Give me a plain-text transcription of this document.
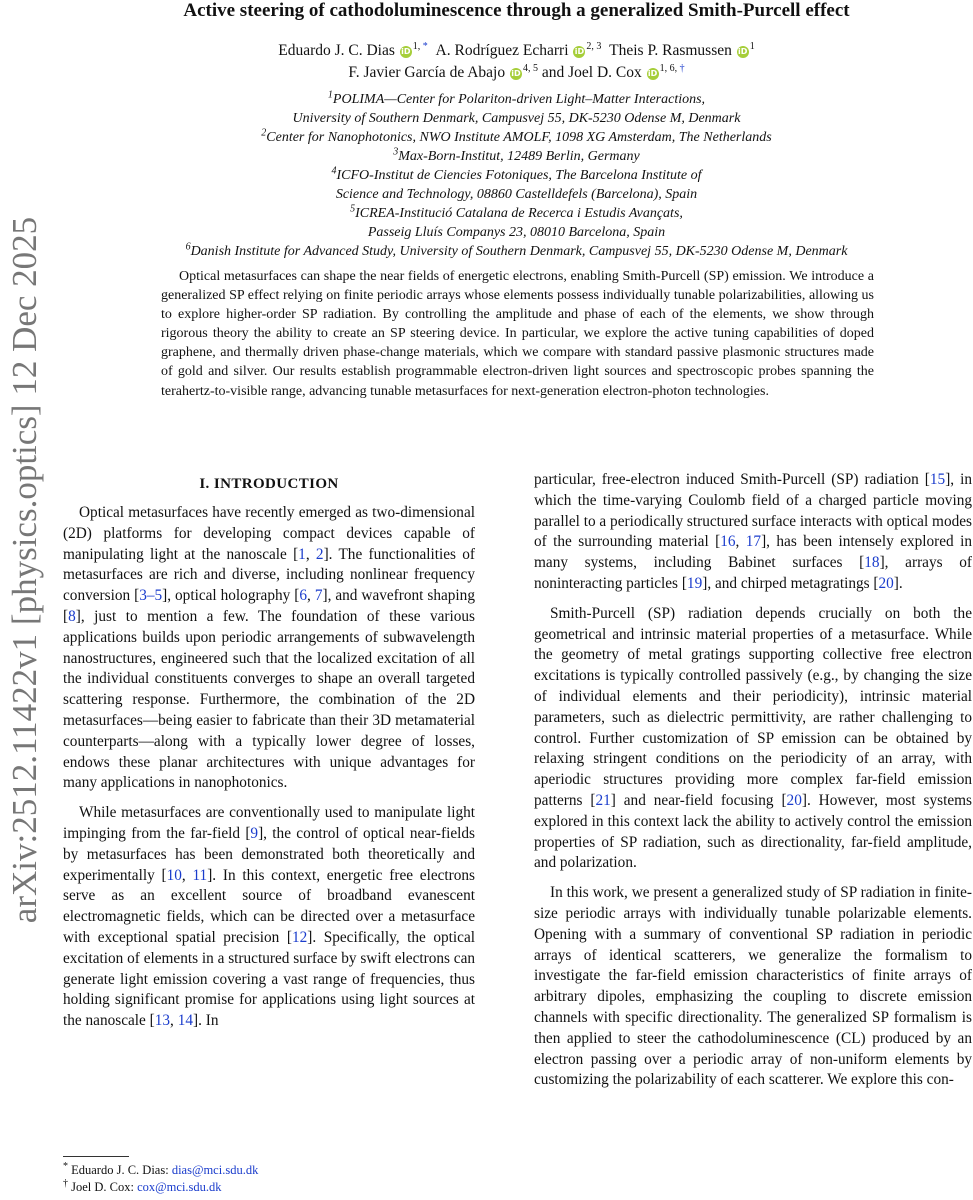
Active steering of cathodoluminescence through a generalized Smith-Purcell effect
Eduardo J. C. Dias iD $^{1, *}$ A. Rodríguez Echarri iD $^{2, 3}$ Theis P. Rasmussen iD $^1$
F. Javier García de Abajo iD $^{4, 5}$ and Joel D. Cox iD $^{1, 6, \dagger}$
$^1$POLIMA—Center for Polariton-driven Light–Matter Interactions,
University of Southern Denmark, Campusvej 55, DK-5230 Odense M, Denmark
$^2$Center for Nanophotonics, NWO Institute AMOLF, 1098 XG Amsterdam, The Netherlands
$^3$Max-Born-Institut, 12489 Berlin, Germany
$^4$ICFO-Institut de Ciencies Fotoniques, The Barcelona Institute of
Science and Technology, 08860 Castelldefels (Barcelona), Spain
$^5$ICREA-Institució Catalana de Recerca i Estudis Avançats,
Passeig Lluís Companys 23, 08010 Barcelona, Spain
$^6$Danish Institute for Advanced Study, University of Southern Denmark, Campusvej 55, DK-5230 Odense M, Denmark
arXiv:2512.11422v1 [physics.optics] 12 Dec 2025	Optical metasurfaces can shape the near fields of energetic electrons, enabling Smith-Purcell (SP) emission. We introduce a generalized SP effect relying on finite periodic arrays whose elements possess individually tunable polarizabilities, allowing us to explore higher-order SP radiation. By controlling the amplitude and phase of each of the elements, we show through rigorous theory the ability to create an SP steering device. In particular, we explore the active tuning capabilities of doped graphene, and thermally driven phase-change materials, which we compare with standard passive plasmonic structures made of gold and silver. Our results establish programmable electron-driven light sources and spectroscopic probes spanning the terahertz-to-visible range, advancing tunable metasurfaces for next-generation electron-photon technologies.
I. INTRODUCTION

Optical metasurfaces have recently emerged as two-dimensional (2D) platforms for developing compact devices capable of manipulating light at the nanoscale [1, 2]. The functionalities of metasurfaces are rich and diverse, including nonlinear frequency conversion [3–5], optical holography [6, 7], and wavefront shaping [8], just to mention a few. The foundation of these various applications builds upon periodic arrangements of subwavelength nanostructures, engineered such that the localized excitation of all the individual constituents converges to shape an overall targeted scattering response. Furthermore, the combination of the 2D metasurfaces—being easier to fabricate than their 3D metamaterial counterparts—along with a typically lower degree of losses, endows these planar architectures with unique advantages for many applications in nanophotonics.

While metasurfaces are conventionally used to manipulate light impinging from the far-field [9], the control of optical near-fields by metasurfaces has been demonstrated both theoretically and experimentally [10, 11]. In this context, energetic free electrons serve as an excellent source of broadband evanescent electromagnetic fields, which can be directed over a metasurface with exceptional spatial precision [12]. Specifically, the optical excitation of elements in a structured surface by swift electrons can generate light emission covering a vast range of frequencies, thus holding significant promise for applications using light sources at the nanoscale [13, 14]. In

particular, free-electron induced Smith-Purcell (SP) radiation [15], in which the time-varying Coulomb field of a charged particle moving parallel to a periodically structured surface interacts with optical modes of the surrounding material [16, 17], has been intensely explored in many systems, including Babinet surfaces [18], arrays of noninteracting particles [19], and chirped metagratings [20].

Smith-Purcell (SP) radiation depends crucially on both the geometrical and intrinsic material properties of a metasurface. While the geometry of metal gratings supporting collective free electron excitations is typically controlled passively (e.g., by changing the size of individual elements and their periodicity), intrinsic material parameters, such as dielectric permittivity, are rather challenging to control. Further customization of SP emission can be obtained by relaxing stringent conditions on the periodicity of an array, with aperiodic structures providing more complex far-field emission patterns [21] and near-field focusing [20]. However, most systems explored in this context lack the ability to actively control the emission properties of SP radiation, such as directionality, far-field amplitude, and polarization.

In this work, we present a generalized study of SP radiation in finite-size periodic arrays with individually tunable polarizable elements. Opening with a summary of conventional SP radiation in periodic arrays of identical scatterers, we generalize the formalism to investigate the far-field emission characteristics of finite arrays of arbitrary dipoles, emphasizing the coupling to discrete emission channels with specific directionality. The generalized SP formalism is then applied to steer the cathodoluminescence (CL) produced by an electron passing over a periodic array of non-uniform elements by customizing the polarizability of each scatterer. We explore this con-

* Eduardo J. C. Dias: dias@mci.sdu.dk
† Joel D. Cox: cox@mci.sdu.dk
